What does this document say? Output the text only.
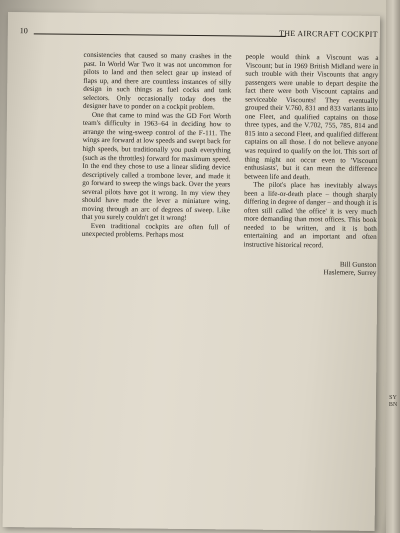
SYBN
10	THE AIRCRAFT COCKPIT

consistencies that caused so many crashes in the past. In World War Two it was not uncommon for pilots to land and then select gear up instead of flaps up, and there are countless instances of silly design in such things as fuel cocks and tank selectors. Only occasionally today does the designer have to ponder on a cockpit problem.

One that came to mind was the GD Fort Worth team's difficulty in 1963–64 in deciding how to arrange the wing-sweep control of the F-111. The wings are forward at low speeds and swept back for high speeds, but traditionally you push everything (such as the throttles) forward for maximum speed. In the end they chose to use a linear sliding device descriptively called a trombone lever, and made it go forward to sweep the wings back. Over the years several pilots have got it wrong. In my view they should have made the lever a miniature wing, moving through an arc of degrees of sweep. Like that you surely couldn't get it wrong!

Even traditional cockpits are often full of unexpected problems. Perhaps most

people would think a Viscount was a Viscount; but in 1969 British Midland were in such trouble with their Viscounts that angry passengers were unable to depart despite the fact there were both Viscount captains and serviceable Viscounts! They eventually grouped their V.760, 831 and 833 variants into one Fleet, and qualified captains on those three types, and the V.702, 755, 785, 814 and 815 into a second Fleet, and qualified different captains on all those. I do not believe anyone was required to qualify on the lot. This sort of thing might not occur even to 'Viscount enthusiasts', but it can mean the difference between life and death.

The pilot's place has inevitably always been a life-or-death place – though sharply differing in degree of danger – and though it is often still called 'the office' it is very much more demanding than most offices. This book needed to be written, and it is both entertaining and an important and often instructive historical record.

Bill Gunston
Haslemere, Surrey
